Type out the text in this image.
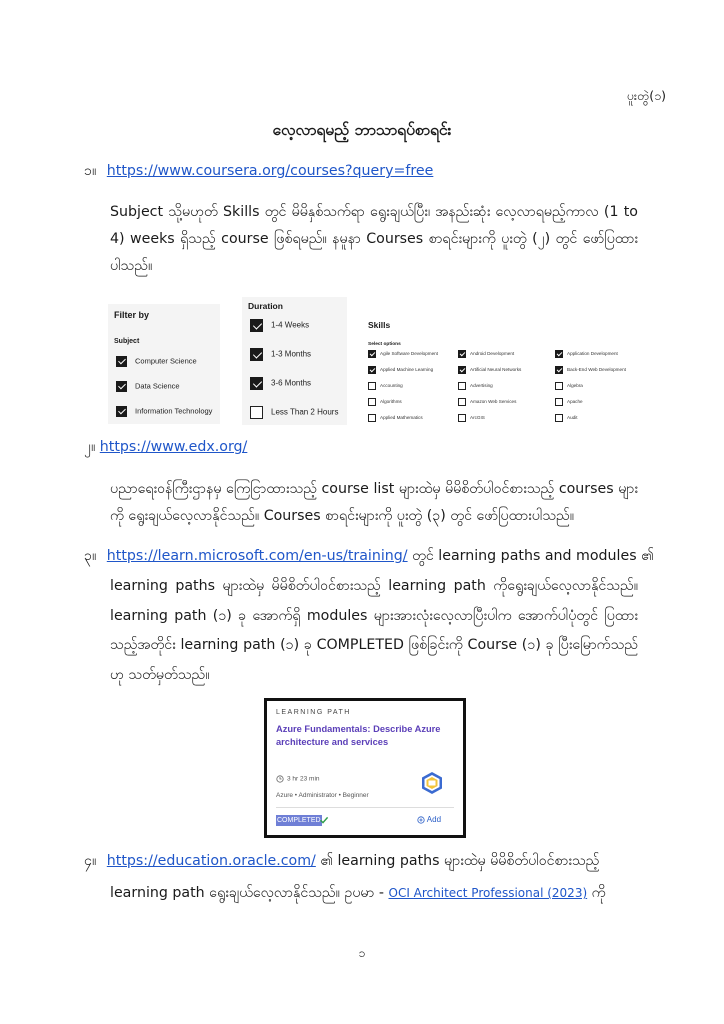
ပူးတွဲ(၁)
လေ့လာရမည့် ဘာသာရပ်စာရင်း
၁။ https://www.coursera.org/courses?query=free
Subject သို့မဟုတ် Skills တွင် မိမိနှစ်သက်ရာ ရွေးချယ်ပြီး၊ အနည်းဆုံး လေ့လာရမည့်ကာလ (1 to 4) weeks ရှိသည့် course ဖြစ်ရမည်။ နမူနာ Courses စာရင်းများကို ပူးတွဲ (၂) တွင် ဖော်ပြထားပါသည်။
Filter by
Subject
Computer Science
Data Science
Information Technology
Duration
1-4 Weeks
1-3 Months
3-6 Months
Less Than 2 Hours
Skills
Select options
Agile Software Development	Android Development	Application Development
Applied Machine Learning	Artificial Neural Networks	Back-End Web Development
Accounting	Advertising	Algebra
Algorithms	Amazon Web Services	Apache
Applied Mathematics	ArcGIS	Audit
၂။ https://www.edx.org/
ပညာရေးဝန်ကြီးဌာနမှ ကြေငြာထားသည့် course list များထဲမှ မိမိစိတ်ပါဝင်စားသည့် courses များကို ရွေးချယ်လေ့လာနိုင်သည်။ Courses စာရင်းများကို ပူးတွဲ (၃) တွင် ဖော်ပြထားပါသည်။
၃။ https://learn.microsoft.com/en-us/training/ တွင် learning paths and modules ၏
learning paths များထဲမှ မိမိစိတ်ပါဝင်စားသည့် learning path ကိုရွေးချယ်လေ့လာနိုင်သည်။ learning path (၁) ခု အောက်ရှိ modules များအားလုံးလေ့လာပြီးပါက အောက်ပါပုံတွင် ပြထားသည့်အတိုင်း learning path (၁) ခု COMPLETED ဖြစ်ခြင်းကို Course (၁) ခု ပြီးမြောက်သည်ဟု သတ်မှတ်သည်။
LEARNING PATH
Azure Fundamentals: Describe Azure architecture and services
3 hr 23 min
Azure • Administrator • Beginner
COMPLETED	Add
၄။ https://education.oracle.com/ ၏ learning paths များထဲမှ မိမိစိတ်ပါဝင်စားသည့်
learning path ရွေးချယ်လေ့လာနိုင်သည်။ ဥပမာ - OCI Architect Professional (2023) ကို
၁
